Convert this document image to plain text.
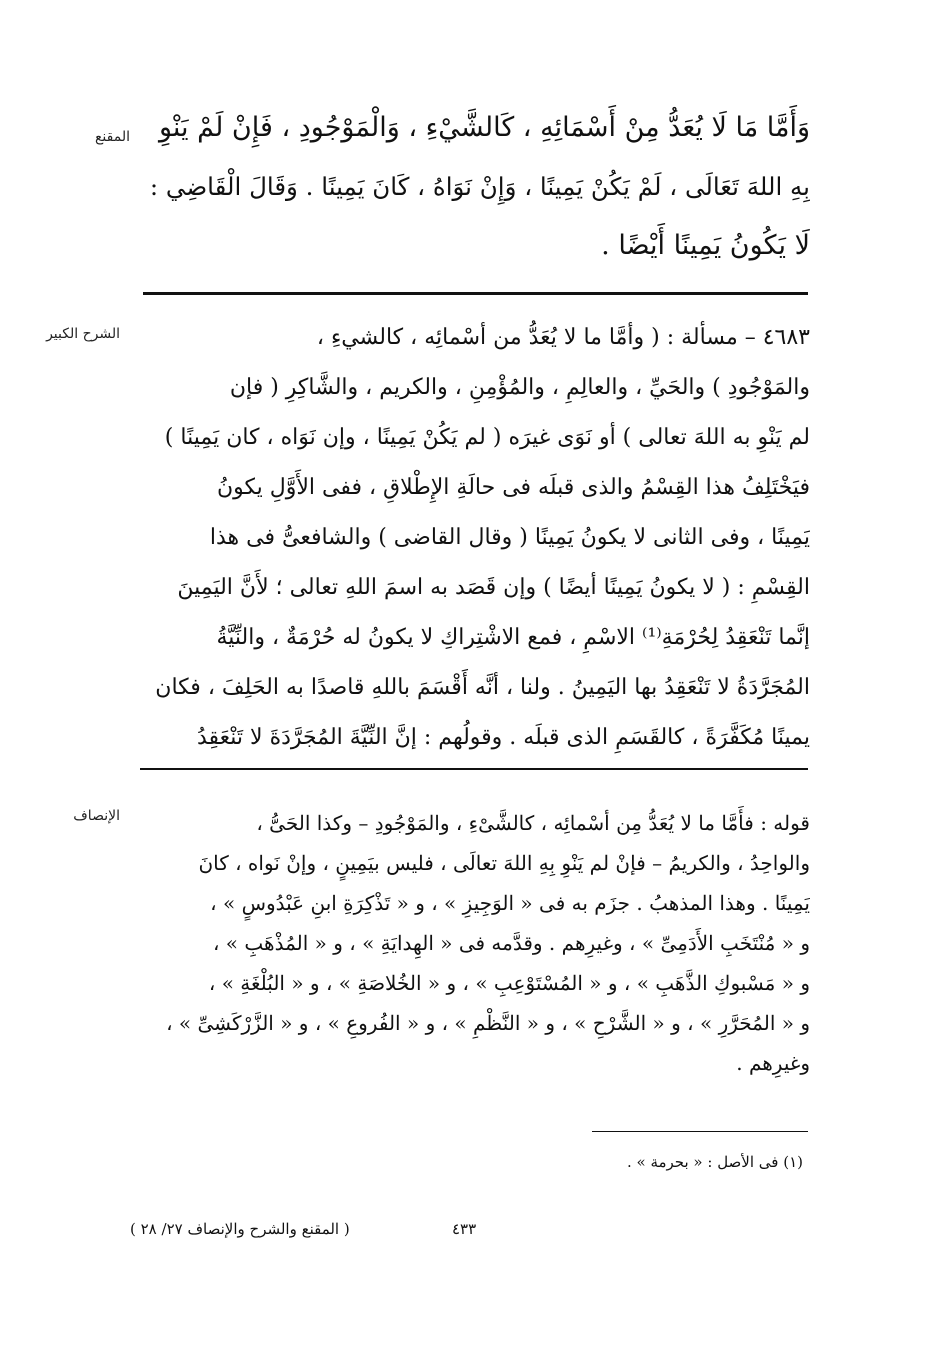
المقنع	وَأَمَّا مَا لَا يُعَدُّ مِنْ أَسْمَائِهِ ، كَالشَّيْءِ ، وَالْمَوْجُودِ ، فَإِنْ لَمْ يَنْوِ
بِهِ اللهَ تَعَالَى ، لَمْ يَكُنْ يَمِينًا ، وَإِنْ نَوَاهُ ، كَانَ يَمِينًا . وَقَالَ الْقَاضِي :
لَا يَكُونُ يَمِينًا أَيْضًا .
الشرح الكبير	٤٦٨٣ – مسألة : ( وأمَّا ما لا يُعَدُّ من أسْمائِه ، كالشيءِ ،
والمَوْجُودِ ) والحَيِّ ، والعالِمِ ، والمُؤْمِنِ ، والكريم ، والشَّاكِرِ ( فإن
لم يَنْوِ به اللهَ تعالى ) أو نَوَى غيرَه ( لم يَكُنْ يَمِينًا ، وإن نَوَاه ، كان يَمِينًا )
فيَخْتَلِفُ هذا القِسْمُ والذى قبلَه فى حالَةِ الإِطْلاقِ ، ففى الأَوَّلِ يكونُ
يَمِينًا ، وفى الثانى لا يكونُ يَمِينًا ( وقال القاضى ) والشافعىُّ فى هذا
القِسْمِ : ( لا يكونُ يَمِينًا أيضًا ) وإن قَصَد به اسمَ اللهِ تعالى ؛ لأَنَّ اليَمِينَ
إنَّما تَنْعَقِدُ لِحُرْمَةِ⁽¹⁾ الاسْمِ ، فمع الاشْتِراكِ لا يكونُ له حُرْمَةٌ ، والنِّيَّةُ
المُجَرَّدَةُ لا تَنْعَقِدُ بها اليَمِينُ . ولنا ، أنَّه أَقْسَمَ باللهِ قاصدًا به الحَلِفَ ، فكان
يمينًا مُكَفَّرَةً ، كالقَسَمِ الذى قبلَه . وقولُهم : إنَّ النِّيَّةَ المُجَرَّدَةَ لا تَنْعَقِدُ
الإنصاف	قوله : فأَمَّا ما لا يُعَدُّ مِن أسْمائِه ، كالشَّىْءِ ، والمَوْجُودِ – وكذا الحَىُّ ،
والواحِدُ ، والكريمُ – فإنْ لم يَنْوِ بِهِ اللهَ تعالَى ، فليس بيَمِينٍ ، وإنْ نَواه ، كانَ
يَمِينًا . وهذا المذهبُ . جزَم به فى « الوَجِيزِ » ، و « تَذْكِرَةِ ابنِ عَبْدُوسٍ » ،
و « مُنْتَخَبِ الأَدَمِىِّ » ، وغيرِهم . وقدَّمه فى « الهِدايَةِ » ، و « المُذْهَبِ » ،
و « مَسْبوكِ الذَّهَبِ » ، و « المُسْتَوْعِبِ » ، و « الخُلاصَةِ » ، و « البُلْغَةِ » ،
و « المُحَرَّرِ » ، و « الشَّرْحِ » ، و « النَّظْمِ » ، و « الفُروعِ » ، و « الزَّرْكَشِىِّ » ،
وغيرِهم .
(١) فى الأصل : « بحرمة » .
٤٣٣
( المقنع والشرح والإنصاف ٢٧/ ٢٨ )
